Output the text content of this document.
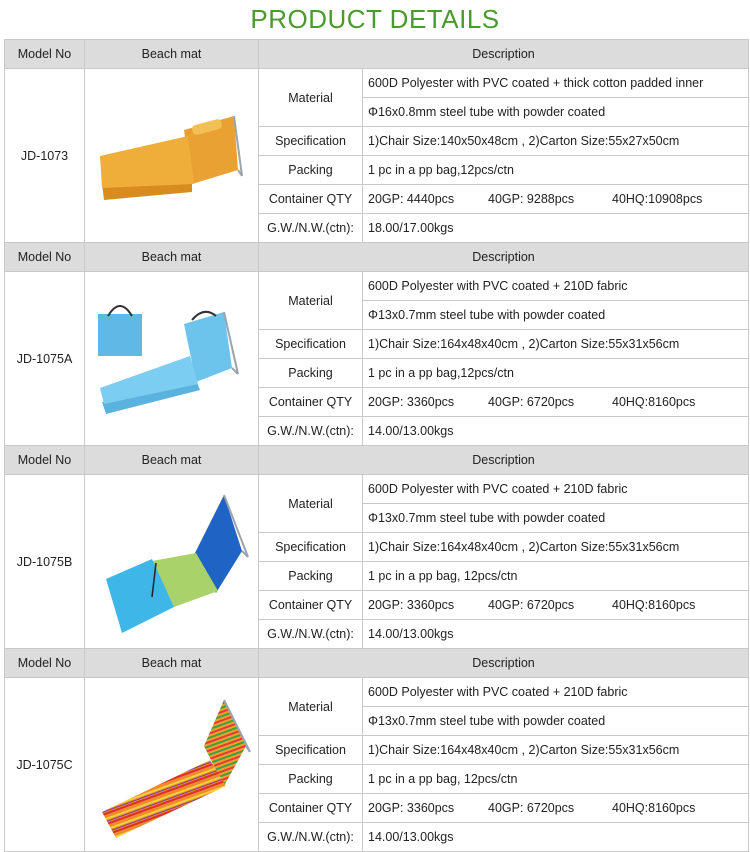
PRODUCT DETAILS
Model No	Beach mat	Description	
JD-1073		Material	600D Polyester with PVC coated + thick cotton padded inner
			Φ16x0.8mm steel tube with powder coated
		Specification	1)Chair Size:140x50x48cm , 2)Carton Size:55x27x50cm
		Packing	1 pc in a pp bag,12pcs/ctn
		Container QTY	20GP: 4440pcs 40GP: 9288pcs 40HQ:10908pcs

		G.W./N.W.(ctn):	18.00/17.00kgs
Model No	Beach mat	Description	
JD-1075A		Material	600D Polyester with PVC coated + 210D fabric
			Φ13x0.7mm steel tube with powder coated
		Specification	1)Chair Size:164x48x40cm , 2)Carton Size:55x31x56cm
		Packing	1 pc in a pp bag,12pcs/ctn
		Container QTY	20GP: 3360pcs 40GP: 6720pcs 40HQ:8160pcs

		G.W./N.W.(ctn):	14.00/13.00kgs
Model No	Beach mat	Description	
JD-1075B		Material	600D Polyester with PVC coated + 210D fabric
			Φ13x0.7mm steel tube with powder coated
		Specification	1)Chair Size:164x48x40cm , 2)Carton Size:55x31x56cm
		Packing	1 pc in a pp bag, 12pcs/ctn
		Container QTY	20GP: 3360pcs 40GP: 6720pcs 40HQ:8160pcs

		G.W./N.W.(ctn):	14.00/13.00kgs
Model No	Beach mat	Description	
JD-1075C		Material	600D Polyester with PVC coated + 210D fabric
			Φ13x0.7mm steel tube with powder coated
		Specification	1)Chair Size:164x48x40cm , 2)Carton Size:55x31x56cm
		Packing	1 pc in a pp bag, 12pcs/ctn
		Container QTY	20GP: 3360pcs 40GP: 6720pcs 40HQ:8160pcs

		G.W./N.W.(ctn):	14.00/13.00kgs
